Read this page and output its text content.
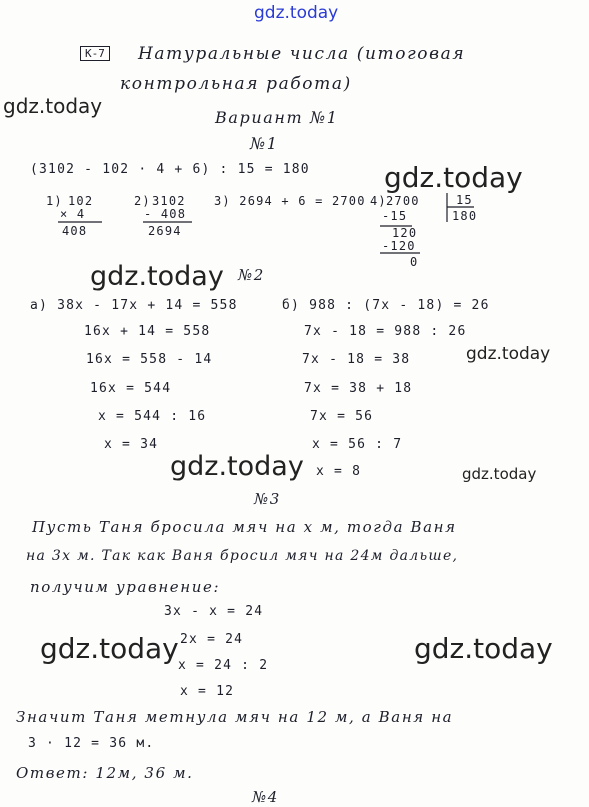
gdz.today
gdz.today
gdz.today
gdz.today
gdz.today
gdz.today	gdz.today
gdz.today	gdz.today
К-7 Натуральные числа (итоговая
контрольная работа)
Вариант №1
№1
(3102 - 102 · 4 + 6) : 15 = 180
1) 102
× 4
408
2) 3102
- 408
2694
3) 2694 + 6 = 2700 4) 2700	15
180
-15
120
-120
0
№2
а) 38x - 17x + 14 = 558
16x + 14 = 558
16x = 558 - 14
16x = 544
x = 544 : 16
x = 34
б) 988 : (7x - 18) = 26
7x - 18 = 988 : 26
7x - 18 = 38
7x = 38 + 18
7x = 56
x = 56 : 7
x = 8
№3
Пусть Таня бросила мяч на x м, тогда Ваня
на 3x м. Так как Ваня бросил мяч на 24м дальше,
получим уравнение:
3x - x = 24
2x = 24
x = 24 : 2
x = 12
Значит Таня метнула мяч на 12 м, а Ваня на
3 · 12 = 36 м.
Ответ: 12м, 36 м.
№4
